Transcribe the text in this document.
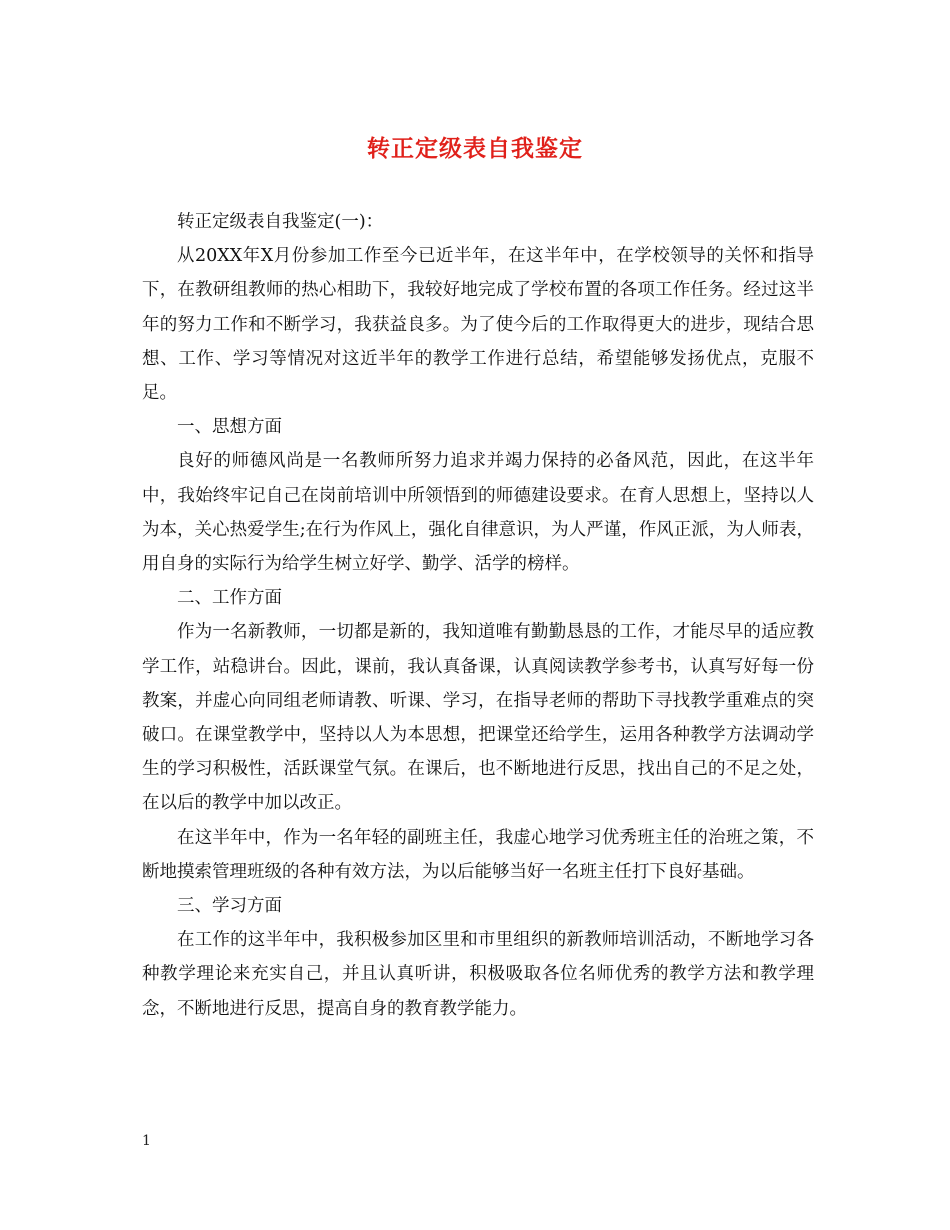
转正定级表自我鉴定

转正定级表自我鉴定(一)：

从20XX年X月份参加工作至今已近半年，在这半年中，在学校领导的关怀和指导下，在教研组教师的热心相助下，我较好地完成了学校布置的各项工作任务。经过这半年的努力工作和不断学习，我获益良多。为了使今后的工作取得更大的进步，现结合思想、工作、学习等情况对这近半年的教学工作进行总结，希望能够发扬优点，克服不足。

一、思想方面

良好的师德风尚是一名教师所努力追求并竭力保持的必备风范，因此，在这半年中，我始终牢记自己在岗前培训中所领悟到的师德建设要求。在育人思想上，坚持以人为本，关心热爱学生;在行为作风上，强化自律意识，为人严谨，作风正派，为人师表，用自身的实际行为给学生树立好学、勤学、活学的榜样。

二、工作方面

作为一名新教师，一切都是新的，我知道唯有勤勤恳恳的工作，才能尽早的适应教学工作，站稳讲台。因此，课前，我认真备课，认真阅读教学参考书，认真写好每一份教案，并虚心向同组老师请教、听课、学习，在指导老师的帮助下寻找教学重难点的突破口。在课堂教学中，坚持以人为本思想，把课堂还给学生，运用各种教学方法调动学生的学习积极性，活跃课堂气氛。在课后，也不断地进行反思，找出自己的不足之处，在以后的教学中加以改正。

在这半年中，作为一名年轻的副班主任，我虚心地学习优秀班主任的治班之策，不断地摸索管理班级的各种有效方法，为以后能够当好一名班主任打下良好基础。

三、学习方面

在工作的这半年中，我积极参加区里和市里组织的新教师培训活动，不断地学习各种教学理论来充实自己，并且认真听讲，积极吸取各位名师优秀的教学方法和教学理念，不断地进行反思，提高自身的教育教学能力。

1
